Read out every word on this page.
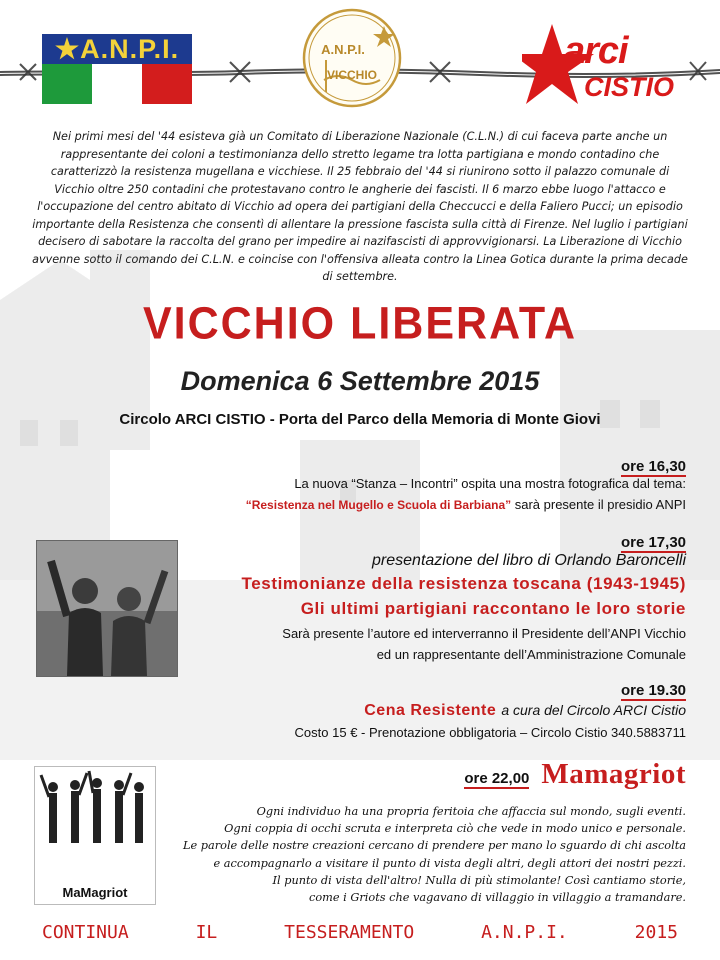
★A.N.P.I.	A.N.P.I.
VICCHIO
arci
CISTIO
Nei primi mesi del '44 esisteva già un Comitato di Liberazione Nazionale (C.L.N.) di cui faceva parte anche un rappresentante dei coloni a testimonianza dello stretto legame tra lotta partigiana e mondo contadino che caratterizzò la resistenza mugellana e vicchiese. Il 25 febbraio del '44 si riunirono sotto il palazzo comunale di Vicchio oltre 250 contadini che protestavano contro le angherie dei fascisti. Il 6 marzo ebbe luogo l'attacco e l'occupazione del centro abitato di Vicchio ad opera dei partigiani della Checcucci e della Faliero Pucci; un episodio importante della Resistenza che consentì di allentare la pressione fascista sulla città di Firenze. Nel luglio i partigiani decisero di sabotare la raccolta del grano per impedire ai nazifascisti di approvvigionarsi. La Liberazione di Vicchio avvenne sotto il comando dei C.L.N. e coincise con l'offensiva alleata contro la Linea Gotica durante la prima decade di settembre.
VICCHIO LIBERATA
Domenica 6 Settembre 2015
Circolo ARCI CISTIO - Porta del Parco della Memoria di Monte Giovi
ore 16,30
La nuova “Stanza – Incontri” ospita una mostra fotografica dal tema:
“Resistenza nel Mugello e Scuola di Barbiana” sarà presente il presidio ANPI
ore 17,30
presentazione del libro di Orlando Baroncelli
Testimonianze della resistenza toscana (1943-1945)
Gli ultimi partigiani raccontano le loro storie
Sarà presente l’autore ed interverranno il Presidente dell’ANPI Vicchio
ed un rappresentante dell’Amministrazione Comunale
ore 19.30
Cena Resistente a cura del Circolo ARCI Cistio
Costo 15 € - Prenotazione obbligatoria – Circolo Cistio 340.5883711
MaMagriot
ore 22,00 Mamagriot
Ogni individuo ha una propria feritoia che affaccia sul mondo, sugli eventi.
Ogni coppia di occhi scruta e interpreta ciò che vede in modo unico e personale.
Le parole delle nostre creazioni cercano di prendere per mano lo sguardo di chi ascolta
e accompagnarlo a visitare il punto di vista degli altri, degli attori dei nostri pezzi.
Il punto di vista dell'altro! Nulla di più stimolante! Così cantiamo storie,
come i Griots che vagavano di villaggio in villaggio a tramandare.
CONTINUA	IL	TESSERAMENTO	A.N.P.I.	2015
